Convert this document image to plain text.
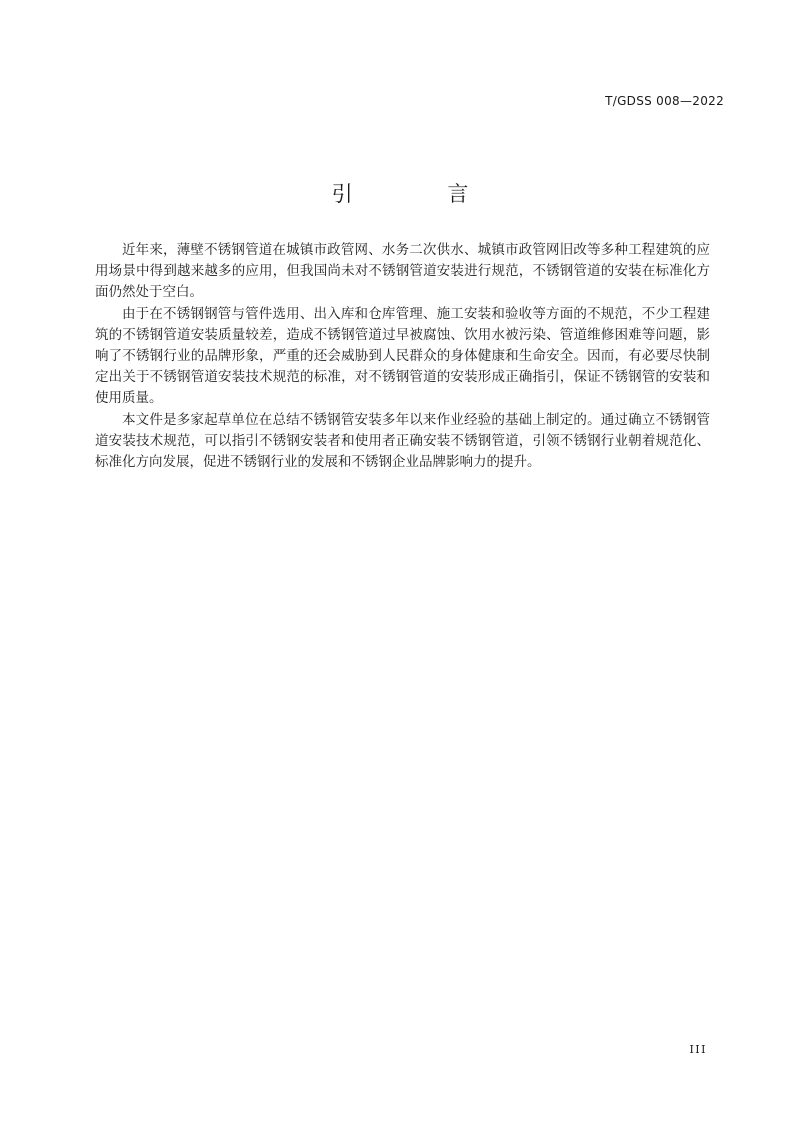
T/GDSS 008—2022
引 言

近年来，薄壁不锈钢管道在城镇市政管网、水务二次供水、城镇市政管网旧改等多种工程建筑的应用场景中得到越来越多的应用，但我国尚未对不锈钢管道安装进行规范，不锈钢管道的安装在标准化方面仍然处于空白。

由于在不锈钢钢管与管件选用、出入库和仓库管理、施工安装和验收等方面的不规范，不少工程建筑的不锈钢管道安装质量较差，造成不锈钢管道过早被腐蚀、饮用水被污染、管道维修困难等问题，影响了不锈钢行业的品牌形象，严重的还会威胁到人民群众的身体健康和生命安全。因而，有必要尽快制定出关于不锈钢管道安装技术规范的标准，对不锈钢管道的安装形成正确指引，保证不锈钢管的安装和使用质量。

本文件是多家起草单位在总结不锈钢管安装多年以来作业经验的基础上制定的。通过确立不锈钢管道安装技术规范，可以指引不锈钢安装者和使用者正确安装不锈钢管道，引领不锈钢行业朝着规范化、标准化方向发展，促进不锈钢行业的发展和不锈钢企业品牌影响力的提升。

III
